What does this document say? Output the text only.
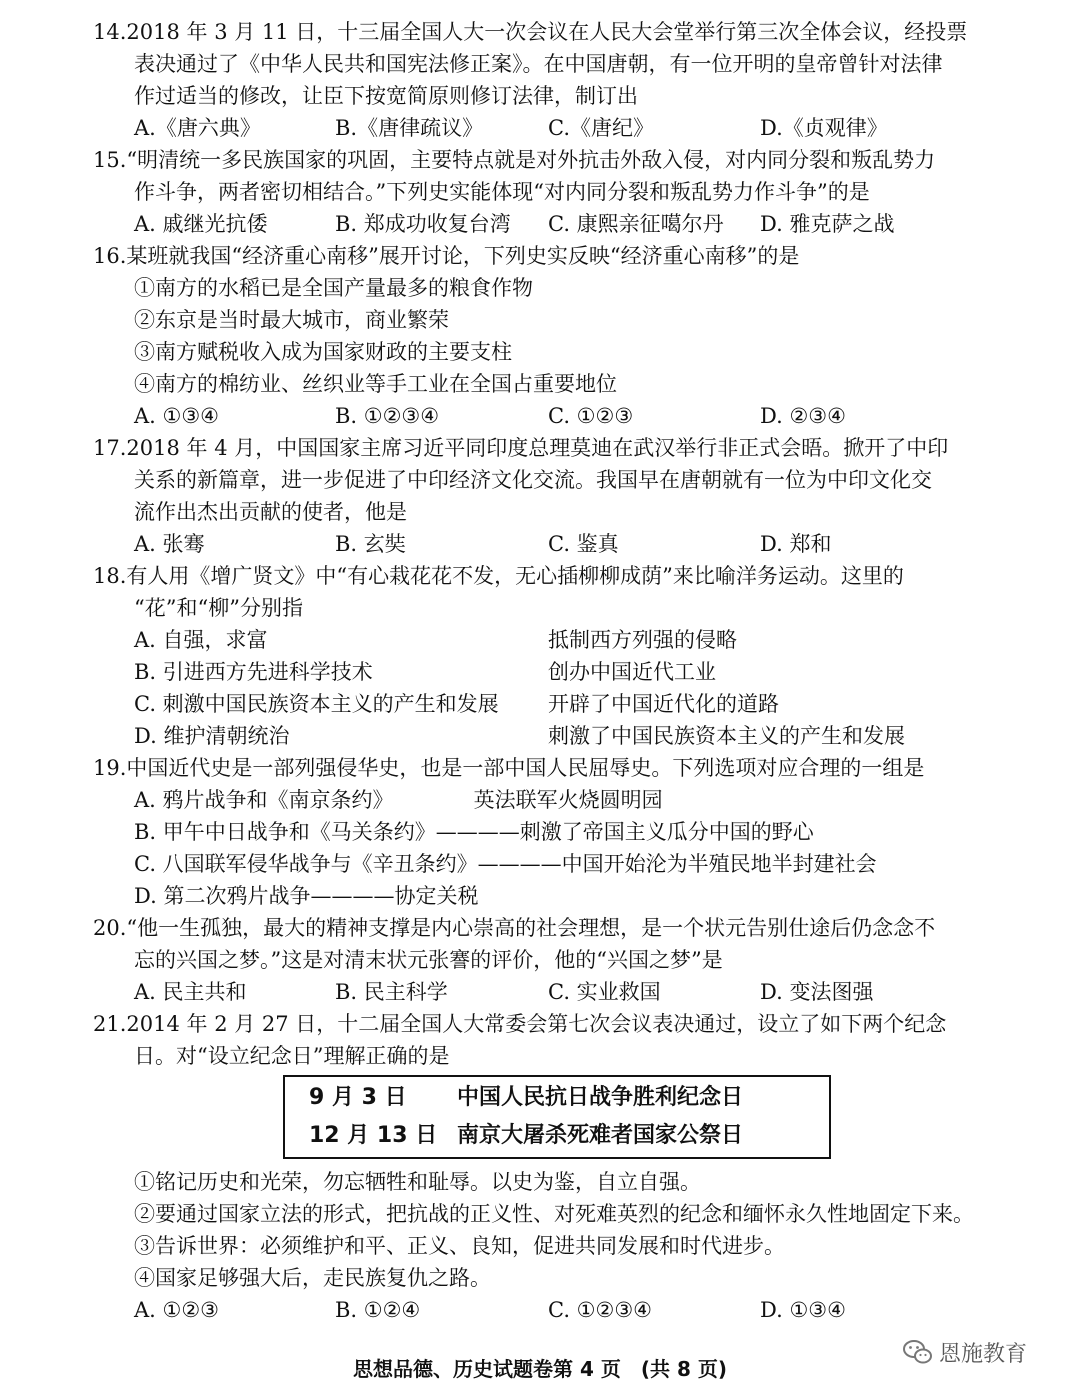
14.2018 年 3 月 11 日，十三届全国人大一次会议在人民大会堂举行第三次全体会议，经投票
表决通过了《中华人民共和国宪法修正案》。在中国唐朝，有一位开明的皇帝曾针对法律
作过适当的修改，让臣下按宽简原则修订法律，制订出
A.《唐六典》	B.《唐律疏议》	C.《唐纪》	D.《贞观律》
15.“明清统一多民族国家的巩固，主要特点就是对外抗击外敌入侵，对内同分裂和叛乱势力
作斗争，两者密切相结合。”下列史实能体现“对内同分裂和叛乱势力作斗争”的是
A. 戚继光抗倭	B. 郑成功收复台湾 C. 康熙亲征噶尔丹 D. 雅克萨之战
16.某班就我国“经济重心南移”展开讨论，下列史实反映“经济重心南移”的是
①南方的水稻已是全国产量最多的粮食作物
②东京是当时最大城市，商业繁荣
③南方赋税收入成为国家财政的主要支柱
④南方的棉纺业、丝织业等手工业在全国占重要地位
A. ①③④	B. ①②③④	C. ①②③	D. ②③④
17.2018 年 4 月，中国国家主席习近平同印度总理莫迪在武汉举行非正式会晤。掀开了中印
关系的新篇章，进一步促进了中印经济文化交流。我国早在唐朝就有一位为中印文化交
流作出杰出贡献的使者，他是
A. 张骞	B. 玄奘	C. 鉴真	D. 郑和
18.有人用《增广贤文》中“有心栽花花不发，无心插柳柳成荫”来比喻洋务运动。这里的
“花”和“柳”分别指
A. 自强，求富	抵制西方列强的侵略
B. 引进西方先进科学技术	创办中国近代工业
C. 刺激中国民族资本主义的产生和发展 开辟了中国近代化的道路
D. 维护清朝统治	刺激了中国民族资本主义的产生和发展
19.中国近代史是一部列强侵华史，也是一部中国人民屈辱史。下列选项对应合理的一组是
A. 鸦片战争和《南京条约》            英法联军火烧圆明园
B. 甲午中日战争和《马关条约》————刺激了帝国主义瓜分中国的野心
C. 八国联军侵华战争与《辛丑条约》————中国开始沦为半殖民地半封建社会
D. 第二次鸦片战争————协定关税
20.“他一生孤独，最大的精神支撑是内心崇高的社会理想，是一个状元告别仕途后仍念念不
忘的兴国之梦。”这是对清末状元张謇的评价，他的“兴国之梦”是
A. 民主共和	B. 民主科学	C. 实业救国	D. 变法图强
21.2014 年 2 月 27 日，十二届全国人大常委会第七次会议表决通过，设立了如下两个纪念
日。对“设立纪念日”理解正确的是
9 月 3 日 中国人民抗日战争胜利纪念日
12 月 13 日 南京大屠杀死难者国家公祭日
①铭记历史和光荣，勿忘牺牲和耻辱。以史为鉴，自立自强。
②要通过国家立法的形式，把抗战的正义性、对死难英烈的纪念和缅怀永久性地固定下来。
③告诉世界：必须维护和平、正义、良知，促进共同发展和时代进步。
④国家足够强大后，走民族复仇之路。
A. ①②③	B. ①②④	C. ①②③④	D. ①③④
恩施教育
思想品德、历史试题卷第 4 页　(共 8 页)
